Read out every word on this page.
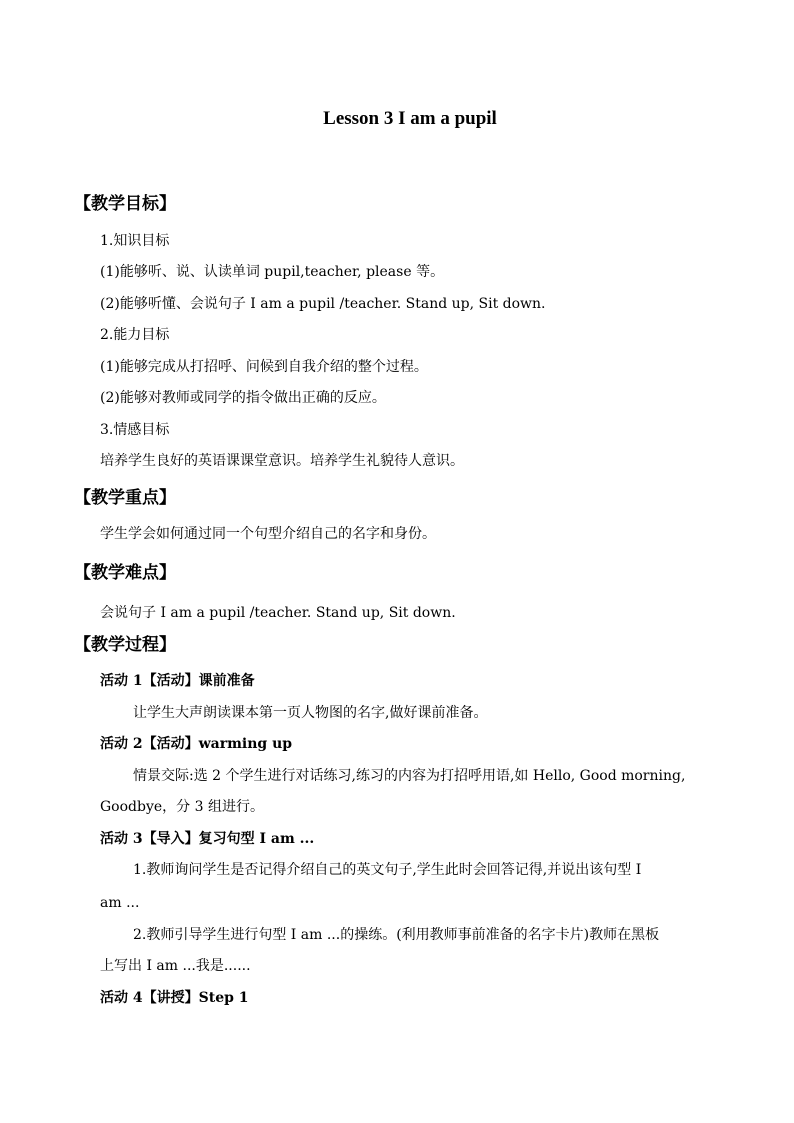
Lesson 3 I am a pupil
【教学目标】
1.知识目标
(1)能够听、说、认读单词 pupil,teacher, please 等。
(2)能够听懂、会说句子 I am a pupil /teacher. Stand up, Sit down.
2.能力目标
(1)能够完成从打招呼、问候到自我介绍的整个过程。
(2)能够对教师或同学的指令做出正确的反应。
3.情感目标
培养学生良好的英语课课堂意识。培养学生礼貌待人意识。
【教学重点】
学生学会如何通过同一个句型介绍自己的名字和身份。
【教学难点】
会说句子 I am a pupil /teacher. Stand up, Sit down.
【教学过程】
活动 1【活动】课前准备
让学生大声朗读课本第一页人物图的名字,做好课前准备。
活动 2【活动】warming up
情景交际:选 2 个学生进行对话练习,练习的内容为打招呼用语,如 Hello, Good morning,
Goodbye，分 3 组进行。
活动 3【导入】复习句型 I am ...
1.教师询问学生是否记得介绍自己的英文句子,学生此时会回答记得,并说出该句型 I
am ...
2.教师引导学生进行句型 I am ...的操练。(利用教师事前准备的名字卡片)教师在黑板
上写出 I am ...我是......
活动 4【讲授】Step 1
